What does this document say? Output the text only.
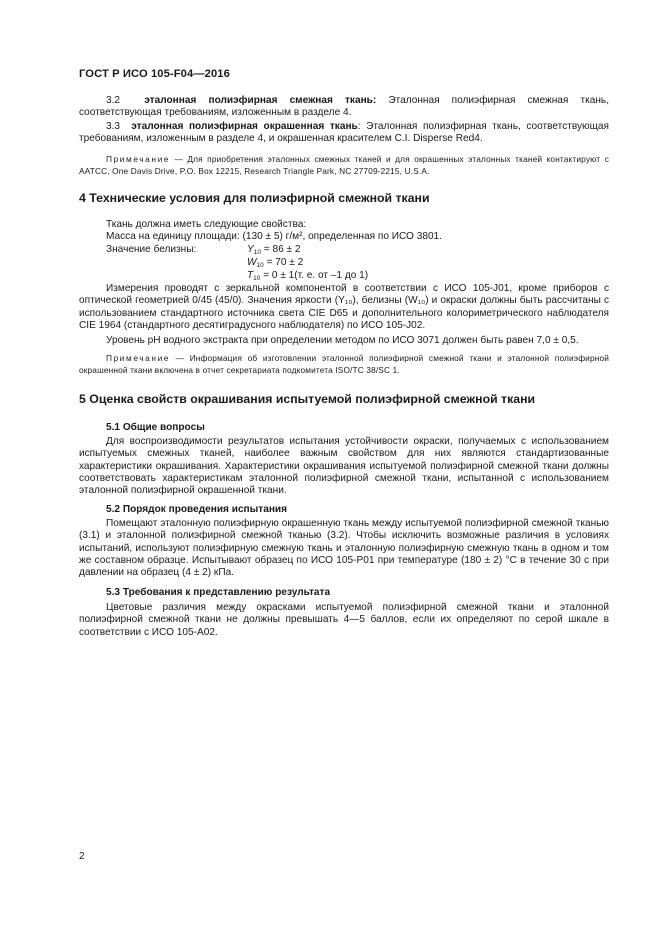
ГОСТ Р ИСО 105-F04—2016

3.2 эталонная полиэфирная смежная ткань: Эталонная полиэфирная смежная ткань, соответствующая требованиям, изложенным в разделе 4.

3.3 эталонная полиэфирная окрашенная ткань: Эталонная полиэфирная ткань, соответствующая требованиям, изложенным в разделе 4, и окрашенная красителем C.I. Disperse Red4.

Примечание — Для приобретения эталонных смежных тканей и для окрашенных эталонных тканей контактируют с AATCC, One Davis Drive, P.O. Box 12215, Research Triangle Park, NC 27709-2215, U.S.A.

4 Технические условия для полиэфирной смежной ткани
Ткань должна иметь следующие свойства:
Масса на единицу площади: (130 ± 5) г/м², определенная по ИСО 3801.
Значение белизны:	$Y_{10} = 86 \pm 2$
$W_{10} = 70 \pm 2$
$T_{10} = 0 \pm 1(т$. е. от –1 до 1)

Измерения проводят с зеркальной компонентой в соответствии с ИСО 105-J01, кроме приборов с оптической геометрией 0/45 (45/0). Значения яркости (Y₁₀), белизны (W₁₀) и окраски должны быть рассчитаны с использованием стандартного источника света CIE D65 и дополнительного колориметрического наблюдателя CIE 1964 (стандартного десятиградусного наблюдателя) по ИСО 105-J02.

Уровень pH водного экстракта при определении методом по ИСО 3071 должен быть равен 7,0 ± 0,5.

Примечание — Информация об изготовлении эталонной полиэфирной смежной ткани и эталонной полиэфирной окрашенной ткани включена в отчет секретариата подкомитета ISO/TC 38/SC 1.

5 Оценка свойств окрашивания испытуемой полиэфирной смежной ткани
5.1 Общие вопросы

Для воспроизводимости результатов испытания устойчивости окраски, получаемых с использованием испытуемых смежных тканей, наиболее важным свойством для них являются стандартизованные характеристики окрашивания. Характеристики окрашивания испытуемой полиэфирной смежной ткани должны соответствовать характеристикам эталонной полиэфирной смежной ткани, испытанной с использованием эталонной полиэфирной окрашенной ткани.

5.2 Порядок проведения испытания

Помещают эталонную полиэфирную окрашенную ткань между испытуемой полиэфирной смежной тканью (3.1) и эталонной полиэфирной смежной тканью (3.2). Чтобы исключить возможные различия в условиях испытаний, используют полиэфирную смежную ткань и эталонную полиэфирную смежную ткань в одном и том же составном образце. Испытывают образец по ИСО 105-P01 при температуре (180 ± 2) °С в течение 30 с при давлении на образец (4 ± 2) кПа.

5.3 Требования к представлению результата

Цветовые различия между окрасками испытуемой полиэфирной смежной ткани и эталонной полиэфирной смежной ткани не должны превышать 4—5 баллов, если их определяют по серой шкале в соответствии с ИСО 105-A02.

2
